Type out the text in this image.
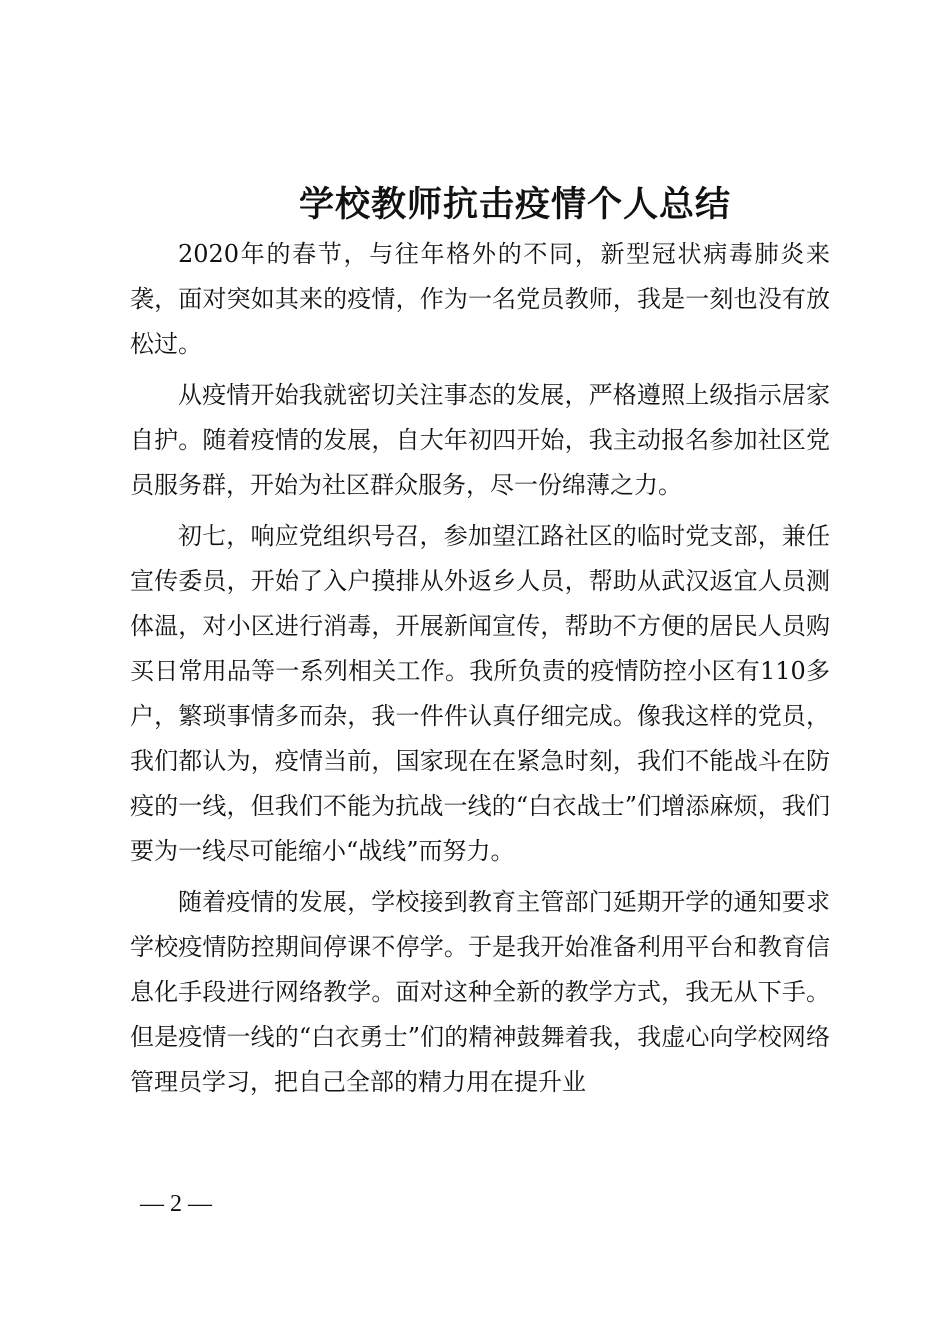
学校教师抗击疫情个人总结

2020年的春节，与往年格外的不同，新型冠状病毒肺炎来袭，面对突如其来的疫情，作为一名党员教师，我是一刻也没有放松过。

从疫情开始我就密切关注事态的发展，严格遵照上级指示居家自护。随着疫情的发展，自大年初四开始，我主动报名参加社区党员服务群，开始为社区群众服务，尽一份绵薄之力。

初七，响应党组织号召，参加望江路社区的临时党支部，兼任宣传委员，开始了入户摸排从外返乡人员，帮助从武汉返宜人员测体温，对小区进行消毒，开展新闻宣传，帮助不方便的居民人员购买日常用品等一系列相关工作。我所负责的疫情防控小区有110多户，繁琐事情多而杂，我一件件认真仔细完成。像我这样的党员，我们都认为，疫情当前，国家现在在紧急时刻，我们不能战斗在防疫的一线，但我们不能为抗战一线的“白衣战士”们增添麻烦，我们要为一线尽可能缩小“战线”而努力。

随着疫情的发展，学校接到教育主管部门延期开学的通知要求学校疫情防控期间停课不停学。于是我开始准备利用平台和教育信息化手段进行网络教学。面对这种全新的教学方式，我无从下手。但是疫情一线的“白衣勇士”们的精神鼓舞着我，我虚心向学校网络管理员学习，把自己全部的精力用在提升业

— 2 —
